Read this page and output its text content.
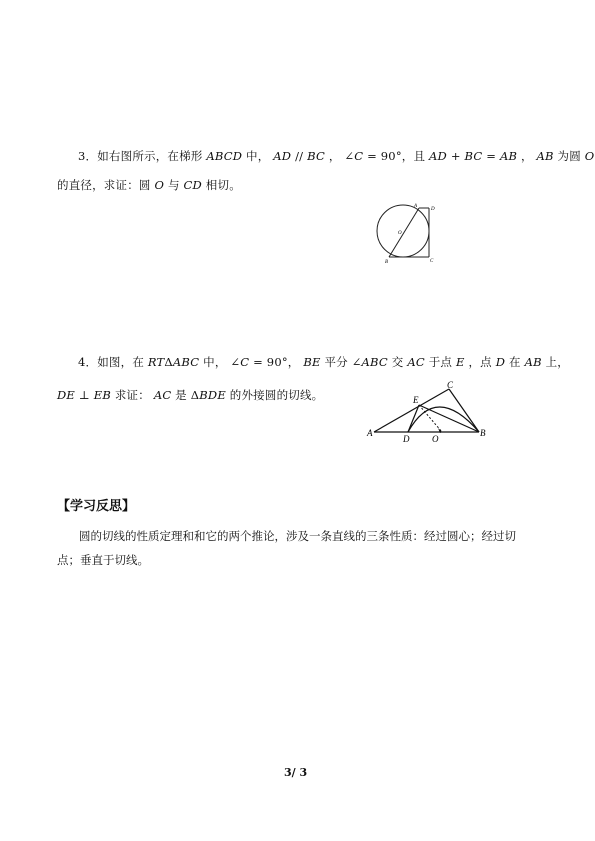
3．如右图所示，在梯形 ABCD 中， AD // BC ， ∠C = 90°，且 AD + BC = AB ， AB 为圆 O
的直径，求证：圆 O 与 CD 相切。
A
D
O
B	C
4．如图，在 RTΔABC 中， ∠C = 90°， BE 平分 ∠ABC 交 AC 于点 E ，点 D 在 AB 上，
DE ⊥ EB 求证： AC 是 ΔBDE 的外接圆的切线。
A	B
C
D
E
O
【学习反思】
圆的切线的性质定理和和它的两个推论，涉及一条直线的三条性质：经过圆心；经过切点；垂直于切线。
3/ 3
